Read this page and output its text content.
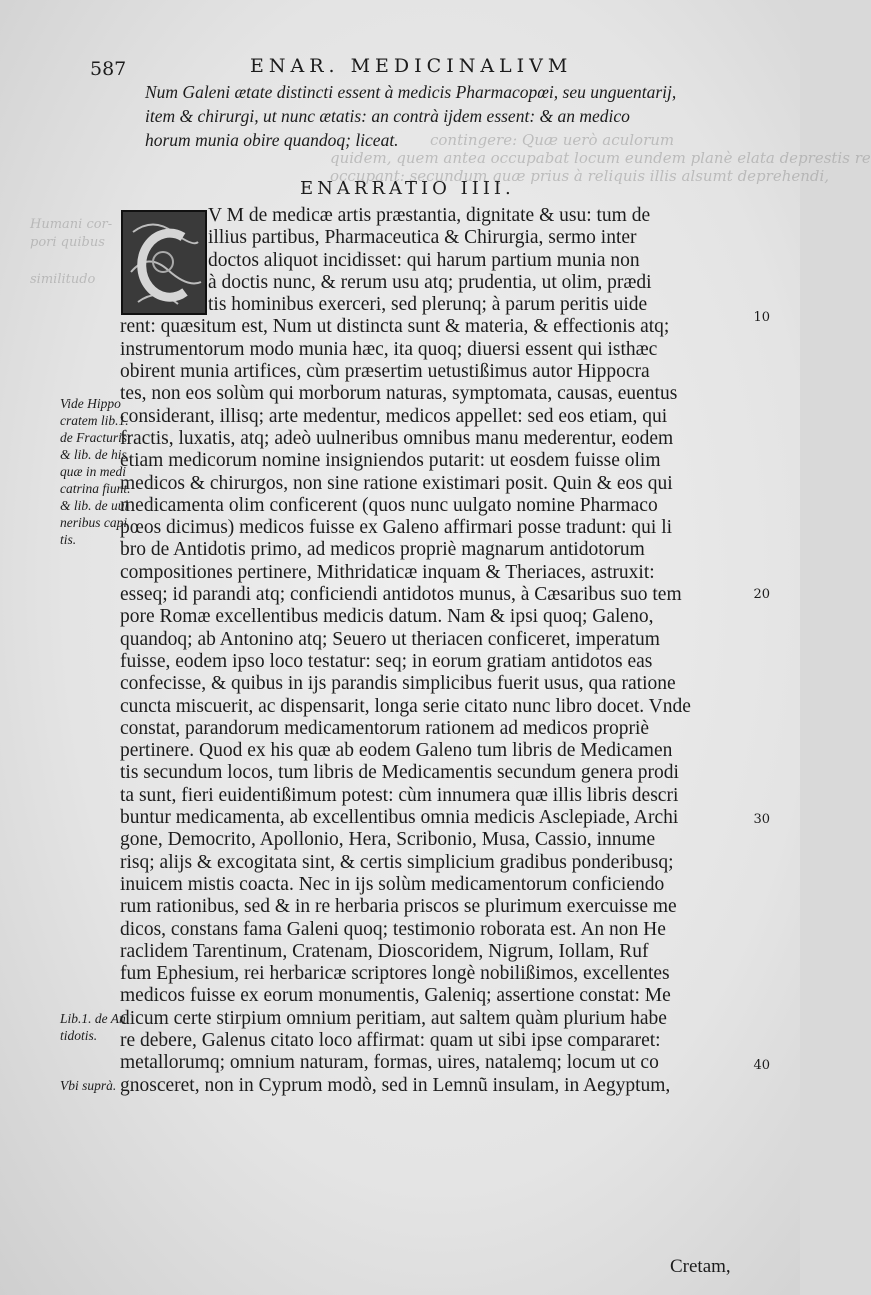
quidem, quem antea occupabat locum eundem planè elata deprestis re
occupant: secundum quæ prius à reliquis illis alsumt deprehendi,
contingere: Quæ uerò aculorum
Humani cor-
pori quibus
similitudo
587	ENAR. MEDICINALIVM
Num Galeni ætate distincti essent à medicis Pharmacopœi, seu unguentarij,
item & chirurgi, ut nunc ætatis: an contrà ijdem essent: & an medico
horum munia obire quandoq; liceat.
ENARRATIO IIII.
V M de medicæ artis præstantia, dignitate & usu: tum de
illius partibus, Pharmaceutica & Chirurgia, sermo inter
doctos aliquot incidisset: qui harum partium munia non
à doctis nunc, & rerum usu atq; prudentia, ut olim, prædi
tis hominibus exerceri, sed plerunq; à parum peritis uide
rent: quæsitum est, Num ut distincta sunt & materia, & effectionis atq;
instrumentorum modo munia hæc, ita quoq; diuersi essent qui isthæc
obirent munia artifices, cùm præsertim uetustißimus autor Hippocra
tes, non eos solùm qui morborum naturas, symptomata, causas, euentus
considerant, illisq; arte medentur, medicos appellet: sed eos etiam, qui
fractis, luxatis, atq; adeò uulneribus omnibus manu mederentur, eodem
etiam medicorum nomine insigniendos putarit: ut eosdem fuisse olim
medicos & chirurgos, non sine ratione existimari posit. Quin & eos qui
medicamenta olim conficerent (quos nunc uulgato nomine Pharmaco
pœos dicimus) medicos fuisse ex Galeno affirmari posse tradunt: qui li
bro de Antidotis primo, ad medicos propriè magnarum antidotorum
compositiones pertinere, Mithridaticæ inquam & Theriaces, astruxit:
esseq; id parandi atq; conficiendi antidotos munus, à Cæsaribus suo tem
pore Romæ excellentibus medicis datum. Nam & ipsi quoq; Galeno,
quandoq; ab Antonino atq; Seuero ut theriacen conficeret, imperatum
fuisse, eodem ipso loco testatur: seq; in eorum gratiam antidotos eas
confecisse, & quibus in ijs parandis simplicibus fuerit usus, qua ratione
cuncta miscuerit, ac dispensarit, longa serie citato nunc libro docet. Vnde
constat, parandorum medicamentorum rationem ad medicos propriè
pertinere. Quod ex his quæ ab eodem Galeno tum libris de Medicamen
tis secundum locos, tum libris de Medicamentis secundum genera prodi
ta sunt, fieri euidentißimum potest: cùm innumera quæ illis libris descri
buntur medicamenta, ab excellentibus omnia medicis Asclepiade, Archi
gone, Democrito, Apollonio, Hera, Scribonio, Musa, Cassio, innume
risq; alijs & excogitata sint, & certis simplicium gradibus ponderibusq;
inuicem mistis coacta. Nec in ijs solùm medicamentorum conficiendo
rum rationibus, sed & in re herbaria priscos se plurimum exercuisse me
dicos, constans fama Galeni quoq; testimonio roborata est. An non He
raclidem Tarentinum, Cratenam, Dioscoridem, Nigrum, Iollam, Ruf
fum Ephesium, rei herbaricæ scriptores longè nobilißimos, excellentes
medicos fuisse ex eorum monumentis, Galeniq; assertione constat: Me
dicum certe stirpium omnium peritiam, aut saltem quàm plurium habe
re debere, Galenus citato loco affirmat: quam ut sibi ipse compararet:
metallorumq; omnium naturam, formas, uires, natalemq; locum ut co
gnosceret, non in Cyprum modò, sed in Lemnũ insulam, in Aegyptum,
Vide Hippo
cratem lib.1.
de Fracturis:
& lib. de his
quæ in medi
catrina fiunt.
& lib. de uul
neribus capi
tis.
Lib.1. de An
tidotis.
Vbi suprà.
10
20
30
40
Cretam,
